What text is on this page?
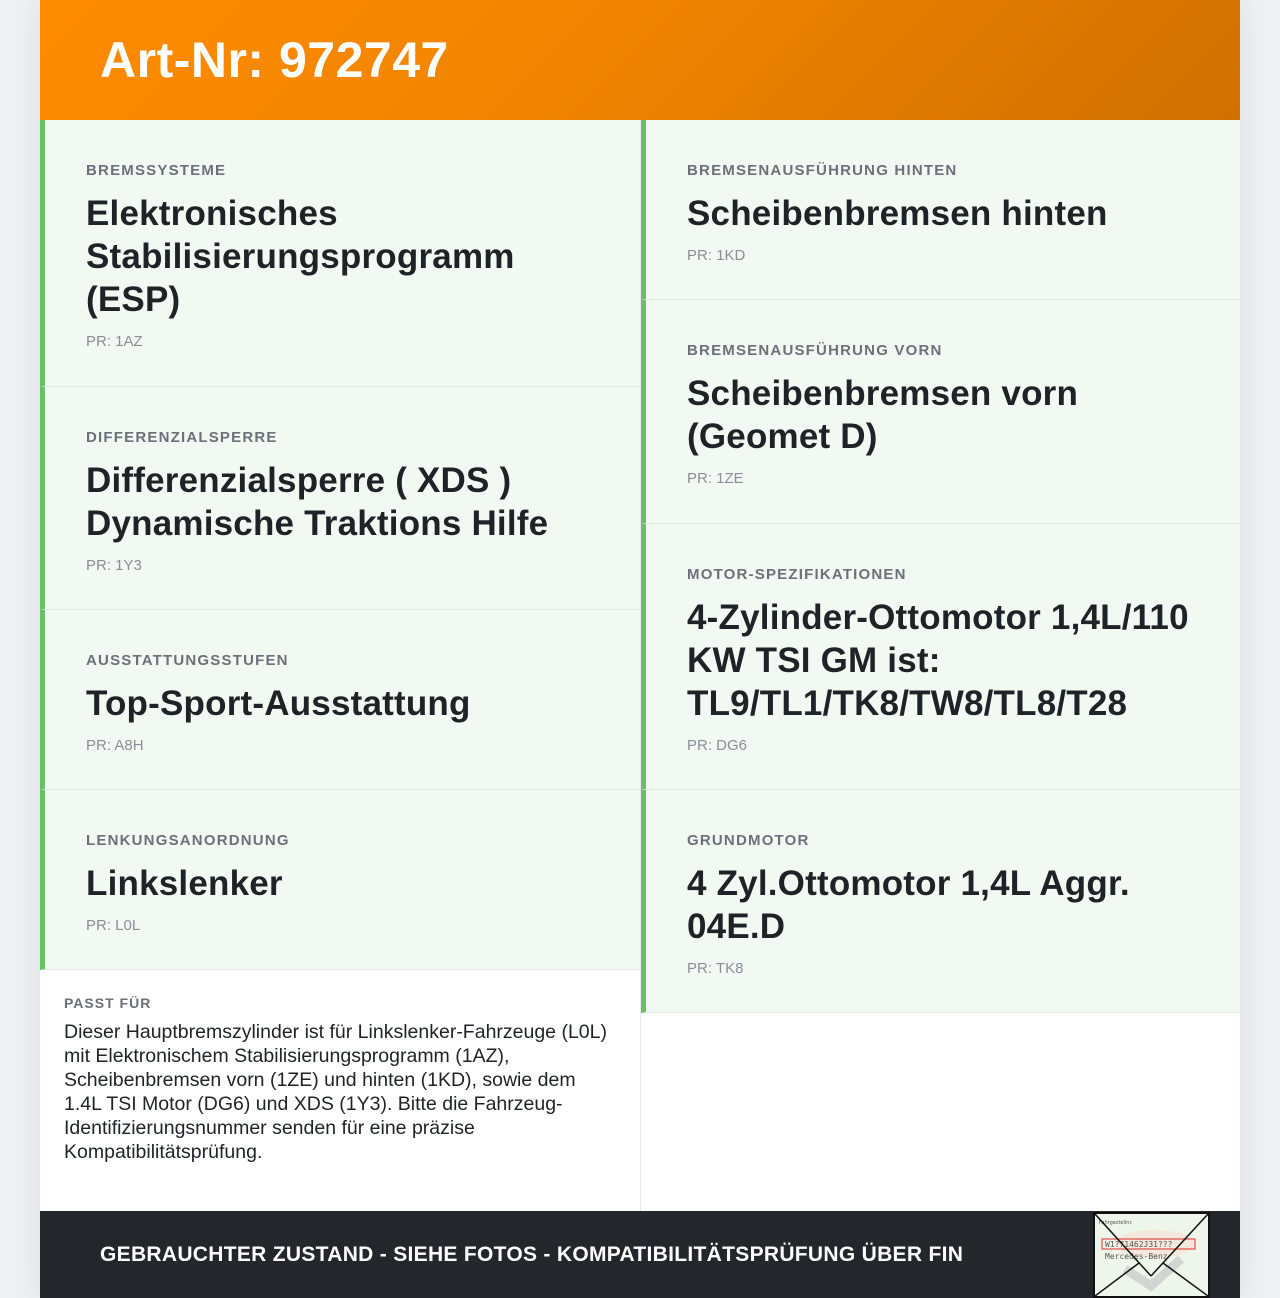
Art-Nr: 972747
BREMSSYSTEME
Elektronisches Stabilisierungsprogramm (ESP)
PR: 1AZ
DIFFERENZIALSPERRE
Differenzialsperre ( XDS ) Dynamische Traktions Hilfe
PR: 1Y3
AUSSTATTUNGSSTUFEN
Top-Sport-Ausstattung
PR: A8H
LENKUNGSANORDNUNG
Linkslenker
PR: L0L
PASST FÜR
Dieser Hauptbremszylinder ist für Linkslenker-Fahrzeuge (L0L) mit Elektronischem Stabilisierungsprogramm (1AZ), Scheibenbremsen vorn (1ZE) und hinten (1KD), sowie dem 1.4L TSI Motor (DG6) und XDS (1Y3). Bitte die Fahrzeug-Identifizierungsnummer senden für eine präzise Kompatibilitätsprüfung.
BREMSENAUSFÜHRUNG HINTEN
Scheibenbremsen hinten
PR: 1KD
BREMSENAUSFÜHRUNG VORN
Scheibenbremsen vorn (Geomet D)
PR: 1ZE
MOTOR-SPEZIFIKATIONEN
4-Zylinder-Ottomotor 1,4L/110 KW TSI GM ist: TL9/TL1/TK8/TW8/TL8/T28
PR: DG6
GRUNDMOTOR
4 Zyl.Ottomotor 1,4L Aggr. 04E.D
PR: TK8
GEBRAUCHTER ZUSTAND - SIEHE FOTOS - KOMPATIBILITÄTSPRÜFUNG ÜBER FIN
Fahrgestellnr.
W1?71462J31???
Mercedes-Benz
